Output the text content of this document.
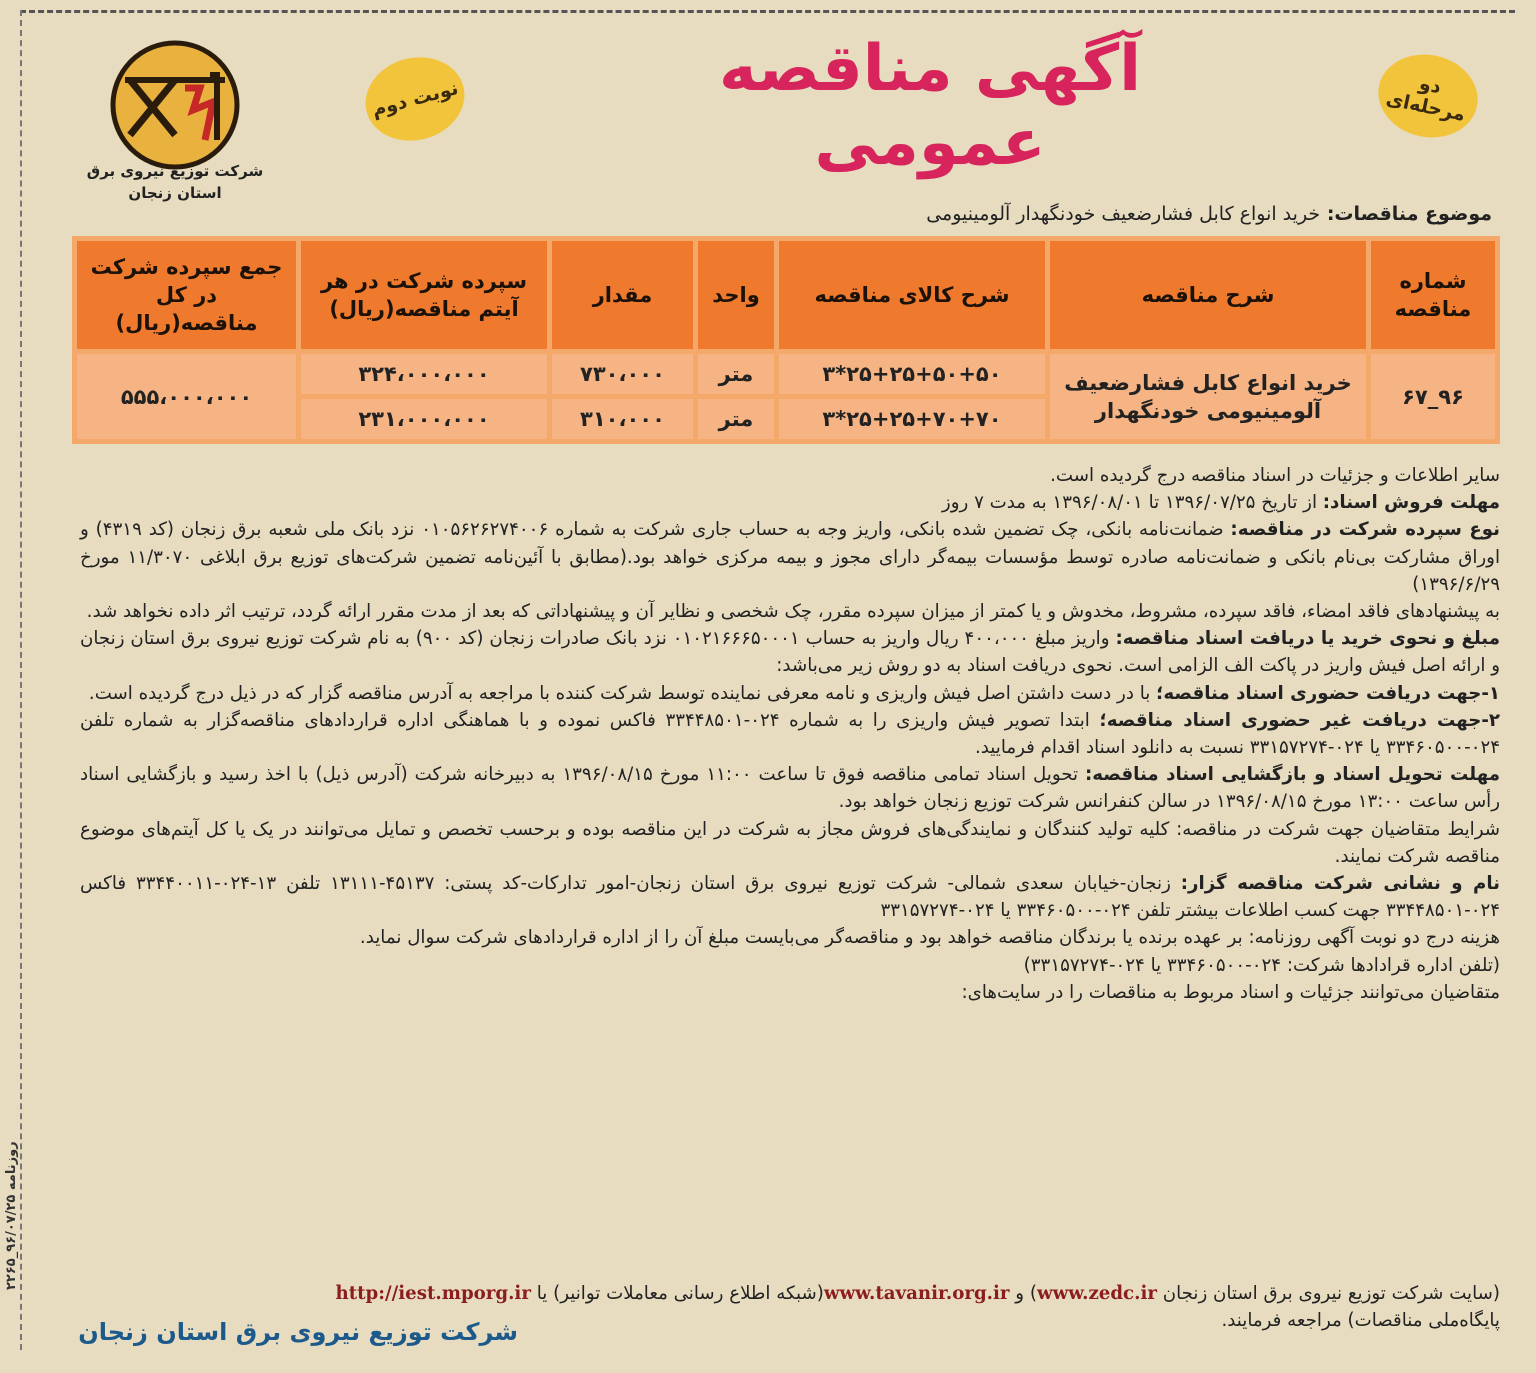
شرکت توزیع نیروی برق
استان زنجان
نوبت دوم	دو مرحله‌ای
آگهی مناقصه عمومی
موضوع مناقصات: خرید انواع کابل فشارضعیف خودنگهدار آلومینیومی
شماره مناقصه	شرح مناقصه	شرح کالای مناقصه	واحد	مقدار	سپرده شرکت در هر آیتم مناقصه(ریال)	جمع سپرده شرکت در کل مناقصه(ریال)
۹۶_۶۷	خرید انواع کابل فشارضعیف آلومینیومی خودنگهدار	۲۵+۲۵+۵۰+۵۰*۳	متر	۷۳۰،۰۰۰	۳۲۴،۰۰۰،۰۰۰	۵۵۵،۰۰۰،۰۰۰
		۲۵+۲۵+۷۰+۷۰*۳	متر	۳۱۰،۰۰۰	۲۳۱،۰۰۰،۰۰۰	

سایر اطلاعات و جزئیات در اسناد مناقصه درج گردیده است.

مهلت فروش اسناد: از تاریخ ۱۳۹۶/۰۷/۲۵ تا ۱۳۹۶/۰۸/۰۱ به مدت ۷ روز

نوع سپرده شرکت در مناقصه: ضمانت‌نامه بانکی، چک تضمین شده بانکی، واریز وجه به حساب جاری شرکت به شماره ۰۱۰۵۶۲۶۲۷۴۰۰۶ نزد بانک ملی شعبه برق زنجان (کد ۴۳۱۹) و اوراق مشارکت بی‌نام بانکی و ضمانت‌نامه صادره توسط مؤسسات بیمه‌گر دارای مجوز و بیمه مرکزی خواهد بود.(مطابق با آئین‌نامه تضمین شرکت‌های توزیع برق ابلاغی ۱۱/۳۰۷۰ مورخ ۱۳۹۶/۶/۲۹)

به پیشنهادهای فاقد امضاء، فاقد سپرده، مشروط، مخدوش و یا کمتر از میزان سپرده مقرر، چک شخصی و نظایر آن و پیشنهاداتی که بعد از مدت مقرر ارائه گردد، ترتیب اثر داده نخواهد شد.

مبلغ و نحوی خرید یا دریافت اسناد مناقصه: واریز مبلغ ۴۰۰،۰۰۰ ریال واریز به حساب ۰۱۰۲۱۶۶۶۵۰۰۰۱ نزد بانک صادرات زنجان (کد ۹۰۰) به نام شرکت توزیع نیروی برق استان زنجان و ارائه اصل فیش واریز در پاکت الف الزامی است. نحوی دریافت اسناد به دو روش زیر می‌باشد:

۱-جهت دریافت حضوری اسناد مناقصه؛ با در دست داشتن اصل فیش واریزی و نامه معرفی نماینده توسط شرکت کننده با مراجعه به آدرس مناقصه گزار که در ذیل درج گردیده است.

۲-جهت دریافت غیر حضوری اسناد مناقصه؛ ابتدا تصویر فیش واریزی را به شماره ۰۲۴-۳۳۴۴۸۵۰۱ فاکس نموده و با هماهنگی اداره قراردادهای مناقصه‌گزار به شماره تلفن ۰۲۴-۳۳۴۶۰۵۰۰ یا ۰۲۴-۳۳۱۵۷۲۷۴ نسبت به دانلود اسناد اقدام فرمایید.

مهلت تحویل اسناد و بازگشایی اسناد مناقصه: تحویل اسناد تمامی مناقصه فوق تا ساعت ۱۱:۰۰ مورخ ۱۳۹۶/۰۸/۱۵ به دبیرخانه شرکت (آدرس ذیل) با اخذ رسید و بازگشایی اسناد رأس ساعت ۱۳:۰۰ مورخ ۱۳۹۶/۰۸/۱۵ در سالن کنفرانس شرکت توزیع زنجان خواهد بود.

شرایط متقاضیان جهت شرکت در مناقصه: کلیه تولید کنندگان و نمایندگی‌های فروش مجاز به شرکت در این مناقصه بوده و برحسب تخصص و تمایل می‌توانند در یک یا کل آیتم‌های موضوع مناقصه شرکت نمایند.

نام و نشانی شرکت مناقصه گزار: زنجان-خیابان سعدی شمالی- شرکت توزیع نیروی برق استان زنجان-امور تدارکات-کد پستی: ۴۵۱۳۷-۱۳۱۱۱ تلفن ۱۳-۰۲۴-۳۳۴۴۰۰۱۱ فاکس ۰۲۴-۳۳۴۴۸۵۰۱ جهت کسب اطلاعات بیشتر تلفن ۰۲۴-۳۳۴۶۰۵۰۰ یا ۰۲۴-۳۳۱۵۷۲۷۴

هزینه درج دو نوبت آگهی روزنامه: بر عهده برنده یا برندگان مناقصه خواهد بود و مناقصه‌گر می‌بایست مبلغ آن را از اداره قراردادهای شرکت سوال نماید.

(تلفن اداره قرادادها شرکت: ۰۲۴-۳۳۴۶۰۵۰۰ یا ۰۲۴-۳۳۱۵۷۲۷۴)

متقاضیان می‌توانند جزئیات و اسناد مربوط به مناقصات را در سایت‌های:

(سایت شرکت توزیع نیروی برق استان زنجان www.zedc.ir) و www.tavanir.org.ir(شبکه اطلاع رسانی معاملات توانیر) یا http://iest.mporg.ir
پایگاه‌ملی مناقصات) مراجعه فرمایند.
شرکت توزیع نیروی برق استان زنجان
روزنامه ۹۶/۰۷/۲۵_۲۲۶۵
